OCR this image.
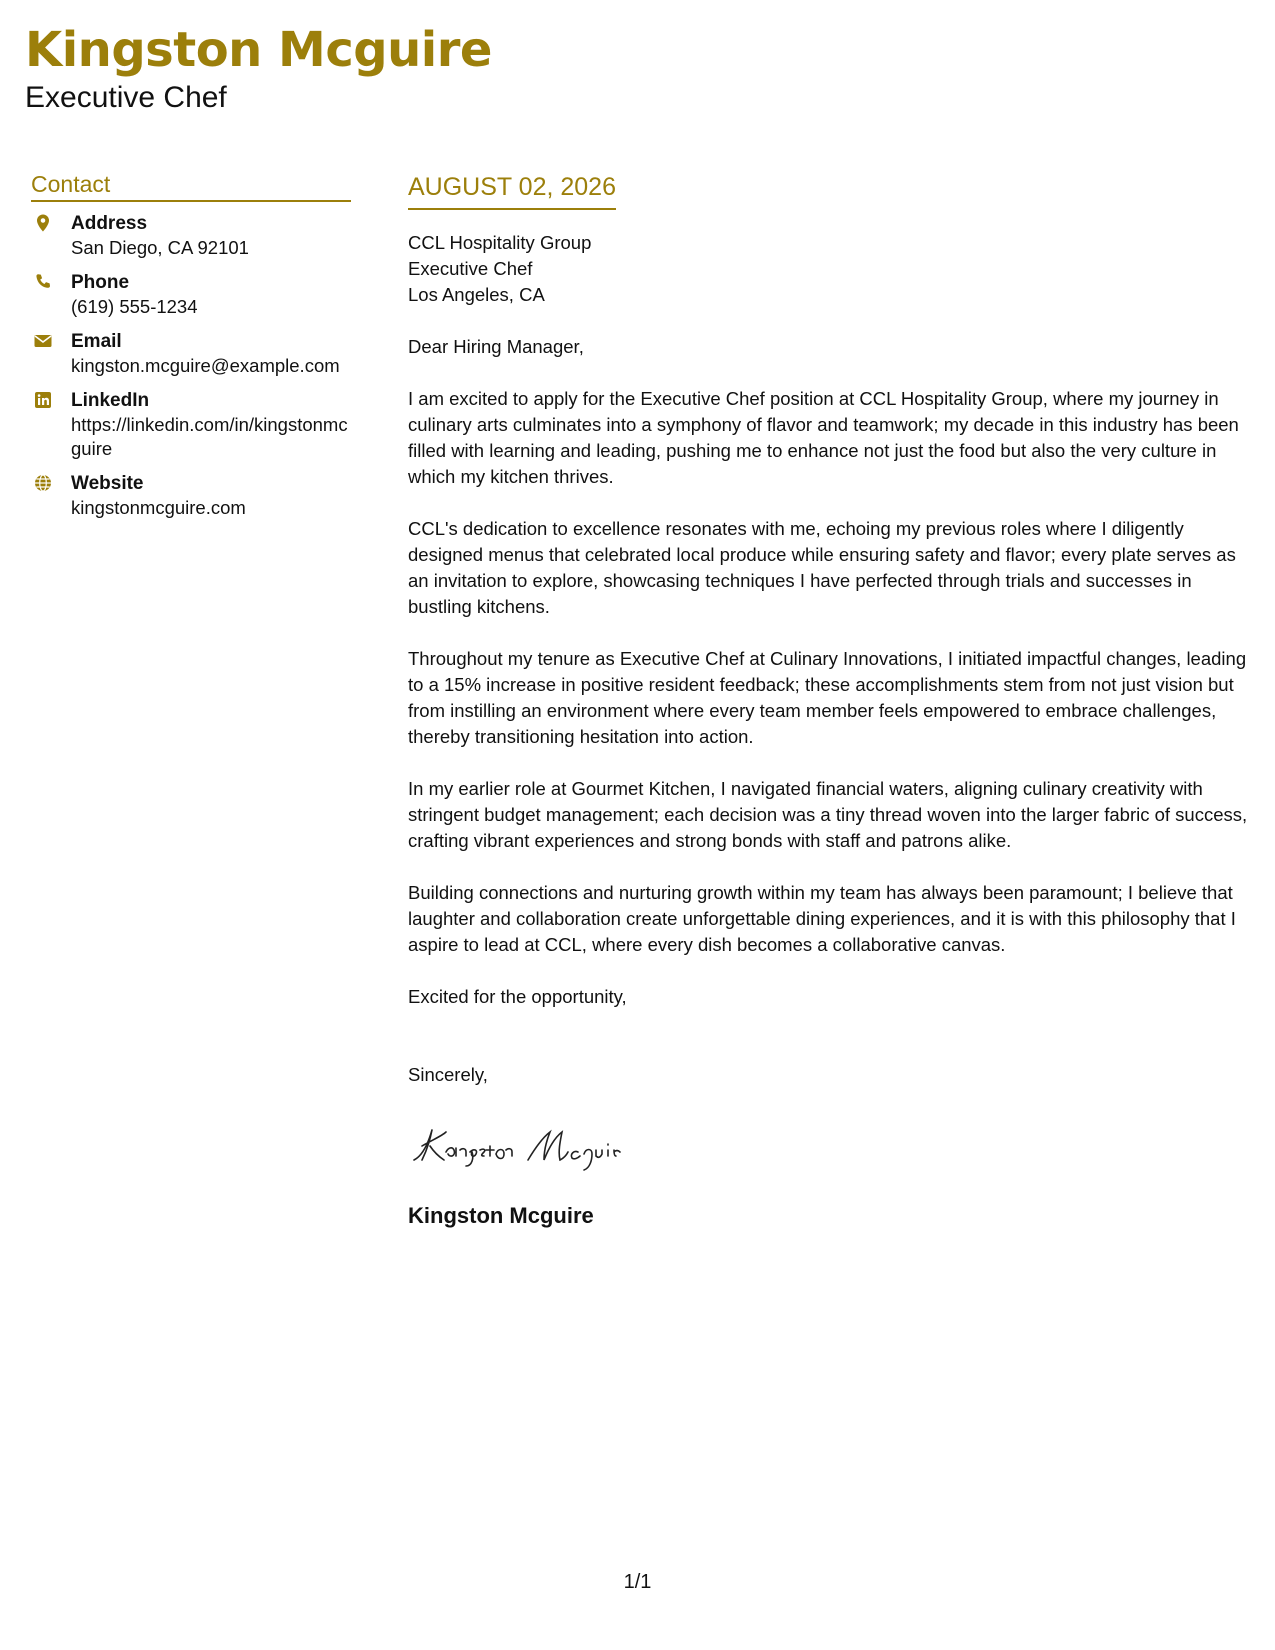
Kingston Mcguire
Executive Chef
Contact
Address
San Diego, CA 92101
Phone
(619) 555-1234
Email
kingston.mcguire@example.com
LinkedIn
https://linkedin.com/in/kingstonmcguire
Website
kingstonmcguire.com
AUGUST 02, 2026
CCL Hospitality Group
Executive Chef
Los Angeles, CA

Dear Hiring Manager,

I am excited to apply for the Executive Chef position at CCL Hospitality Group, where my journey in culinary arts culminates into a symphony of flavor and teamwork; my decade in this industry has been filled with learning and leading, pushing me to enhance not just the food but also the very culture in which my kitchen thrives.

CCL's dedication to excellence resonates with me, echoing my previous roles where I diligently designed menus that celebrated local produce while ensuring safety and flavor; every plate serves as an invitation to explore, showcasing techniques I have perfected through trials and successes in bustling kitchens.

Throughout my tenure as Executive Chef at Culinary Innovations, I initiated impactful changes, leading to a 15% increase in positive resident feedback; these accomplishments stem from not just vision but from instilling an environment where every team member feels empowered to embrace challenges, thereby transitioning hesitation into action.

In my earlier role at Gourmet Kitchen, I navigated financial waters, aligning culinary creativity with stringent budget management; each decision was a tiny thread woven into the larger fabric of success, crafting vibrant experiences and strong bonds with staff and patrons alike.

Building connections and nurturing growth within my team has always been paramount; I believe that laughter and collaboration create unforgettable dining experiences, and it is with this philosophy that I aspire to lead at CCL, where every dish becomes a collaborative canvas.

Excited for the opportunity,

Sincerely,
Kingston Mcguire
1/1
